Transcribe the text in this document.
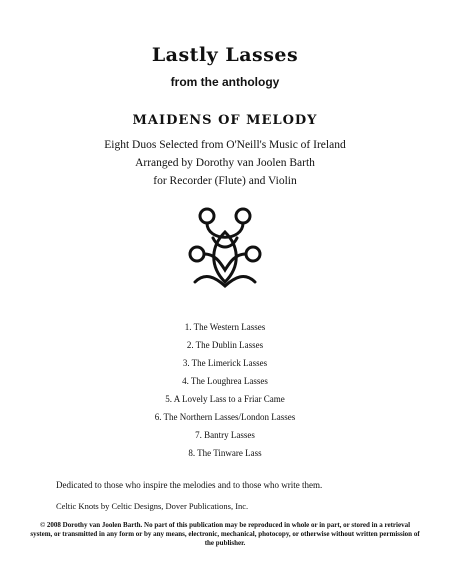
Lastly Lasses
from the anthology
MAIDENS OF MELODY
Eight Duos Selected from O'Neill's Music of Ireland
Arranged by Dorothy van Joolen Barth
for Recorder (Flute) and Violin
1. The Western Lasses
2. The Dublin Lasses
3. The Limerick Lasses
4. The Loughrea Lasses
5. A Lovely Lass to a Friar Came
6. The Northern Lasses/London Lasses
7. Bantry Lasses
8. The Tinware Lass
Dedicated to those who inspire the melodies and to those who write them.
Celtic Knots by Celtic Designs, Dover Publications, Inc.
© 2008 Dorothy van Joolen Barth. No part of this publication may be reproduced in whole or in part, or stored in a retrieval system, or transmitted in any form or by any means, electronic, mechanical, photocopy, or otherwise without written permission of the publisher.
